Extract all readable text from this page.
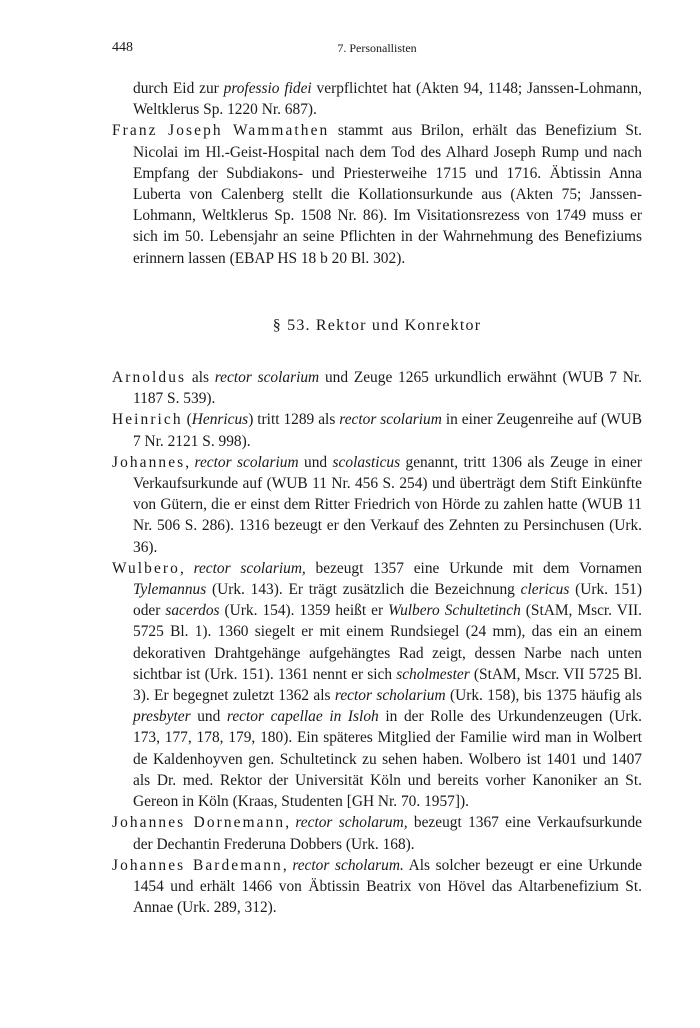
448	7. Personallisten

durch Eid zur professio fidei verpflichtet hat (Akten 94, 1148; Janssen-Lohmann, Weltklerus Sp. 1220 Nr. 687).

Franz Joseph Wammathen stammt aus Brilon, erhält das Benefizium St. Nicolai im Hl.-Geist-Hospital nach dem Tod des Alhard Joseph Rump und nach Empfang der Subdiakons- und Priesterweihe 1715 und 1716. Äbtissin Anna Luberta von Calenberg stellt die Kollationsurkunde aus (Akten 75; Janssen-Lohmann, Weltklerus Sp. 1508 Nr. 86). Im Visitationsrezess von 1749 muss er sich im 50. Lebensjahr an seine Pflichten in der Wahrnehmung des Benefiziums erinnern lassen (EBAP HS 18 b 20 Bl. 302).

§ 53. Rektor und Konrektor

Arnoldus als rector scolarium und Zeuge 1265 urkundlich erwähnt (WUB 7 Nr. 1187 S. 539).

Heinrich (Henricus) tritt 1289 als rector scolarium in einer Zeugenreihe auf (WUB 7 Nr. 2121 S. 998).

Johannes, rector scolarium und scolasticus genannt, tritt 1306 als Zeuge in einer Verkaufsurkunde auf (WUB 11 Nr. 456 S. 254) und überträgt dem Stift Einkünfte von Gütern, die er einst dem Ritter Friedrich von Hörde zu zahlen hatte (WUB 11 Nr. 506 S. 286). 1316 bezeugt er den Verkauf des Zehnten zu Persinchusen (Urk. 36).

Wulbero, rector scolarium, bezeugt 1357 eine Urkunde mit dem Vornamen Tylemannus (Urk. 143). Er trägt zusätzlich die Bezeichnung clericus (Urk. 151) oder sacerdos (Urk. 154). 1359 heißt er Wulbero Schultetinch (StAM, Mscr. VII. 5725 Bl. 1). 1360 siegelt er mit einem Rundsiegel (24 mm), das ein an einem dekorativen Drahtgehänge aufgehängtes Rad zeigt, dessen Narbe nach unten sichtbar ist (Urk. 151). 1361 nennt er sich scholmester (StAM, Mscr. VII 5725 Bl. 3). Er begegnet zuletzt 1362 als rector scholarium (Urk. 158), bis 1375 häufig als presbyter und rector capellae in Isloh in der Rolle des Urkundenzeugen (Urk. 173, 177, 178, 179, 180). Ein späteres Mitglied der Familie wird man in Wolbert de Kaldenhoyven gen. Schultetinck zu sehen haben. Wolbero ist 1401 und 1407 als Dr. med. Rektor der Universität Köln und bereits vorher Kanoniker an St. Gereon in Köln (Kraas, Studenten [GH Nr. 70. 1957]).

Johannes Dornemann, rector scholarum, bezeugt 1367 eine Verkaufsurkunde der Dechantin Frederuna Dobbers (Urk. 168).

Johannes Bardemann, rector scholarum. Als solcher bezeugt er eine Urkunde 1454 und erhält 1466 von Äbtissin Beatrix von Hövel das Altarbenefizium St. Annae (Urk. 289, 312).
